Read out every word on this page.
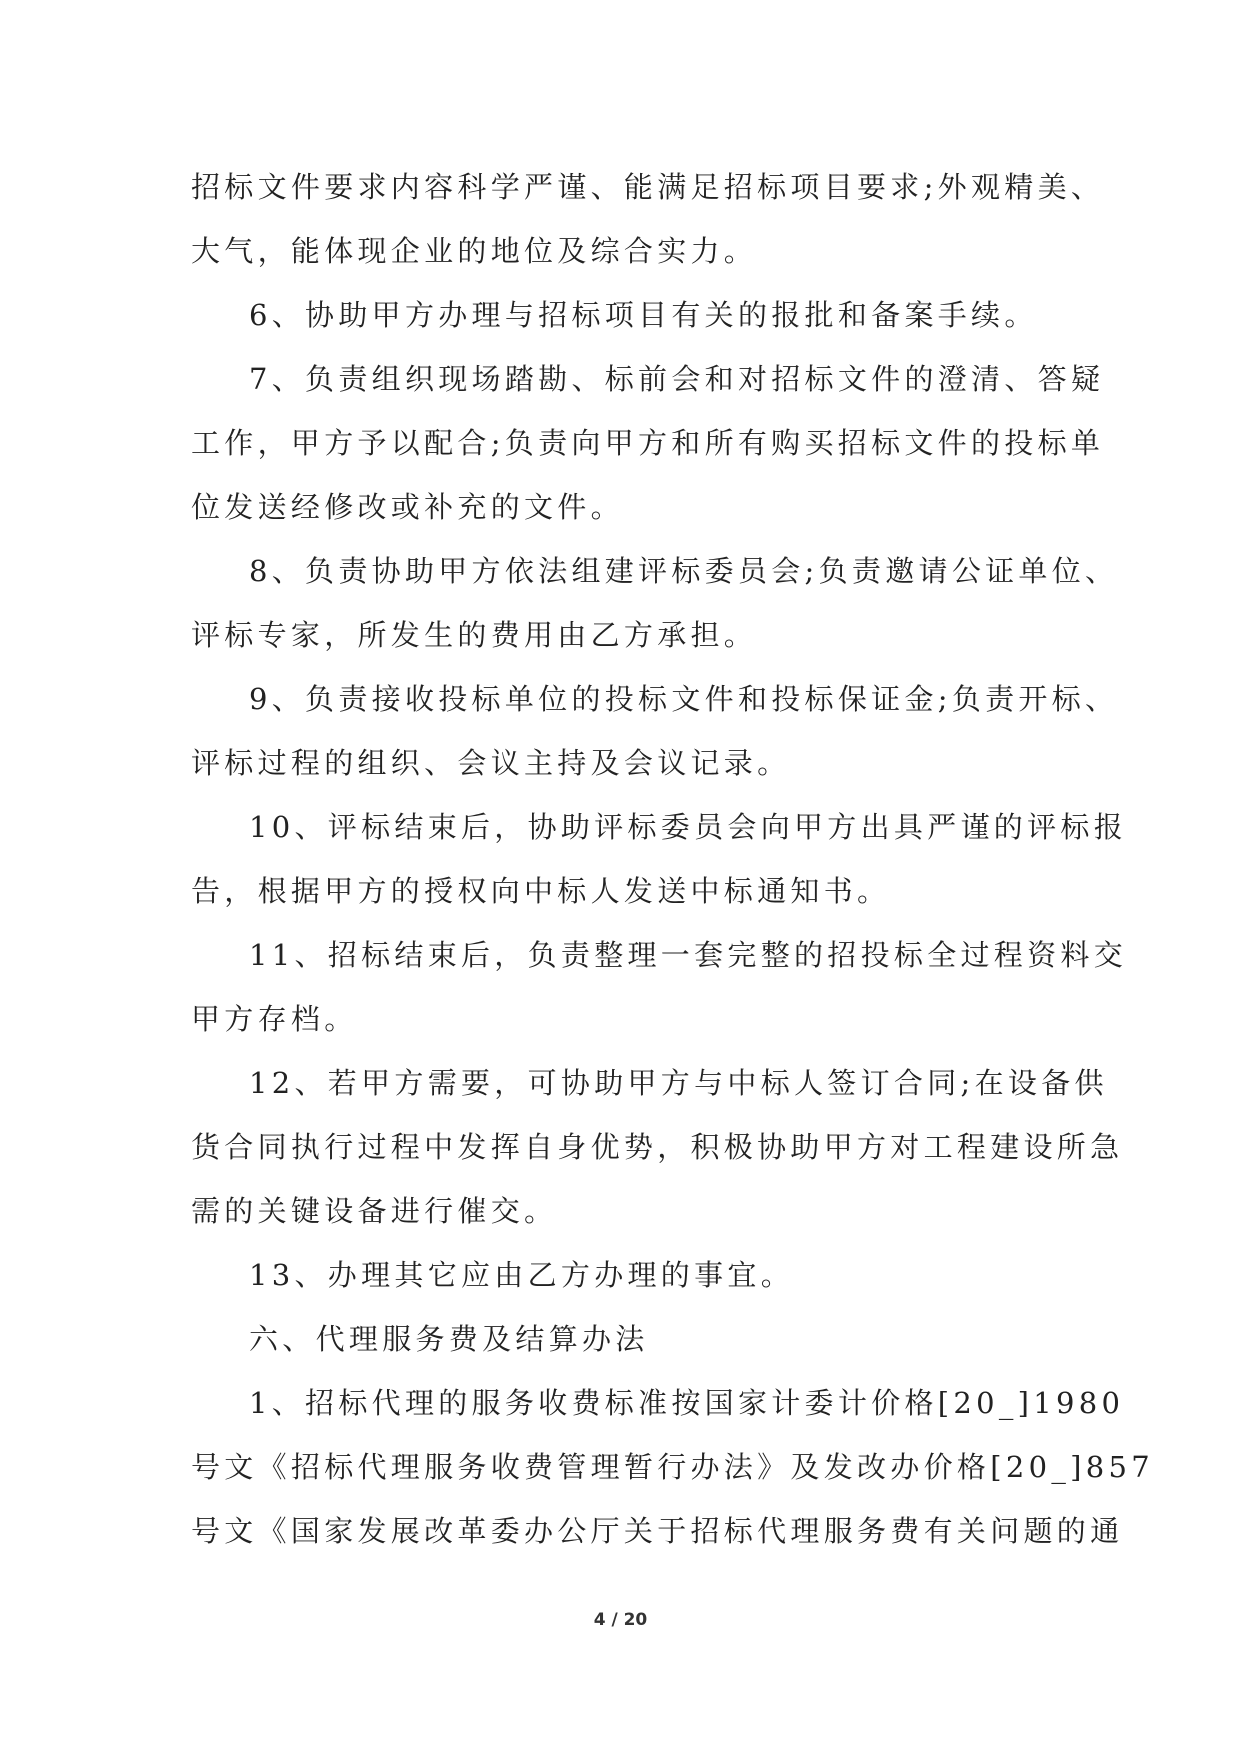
招标文件要求内容科学严谨、能满足招标项目要求;外观精美、
大气，能体现企业的地位及综合实力。
6、协助甲方办理与招标项目有关的报批和备案手续。
7、负责组织现场踏勘、标前会和对招标文件的澄清、答疑
工作，甲方予以配合;负责向甲方和所有购买招标文件的投标单
位发送经修改或补充的文件。
8、负责协助甲方依法组建评标委员会;负责邀请公证单位、
评标专家，所发生的费用由乙方承担。
9、负责接收投标单位的投标文件和投标保证金;负责开标、
评标过程的组织、会议主持及会议记录。
10、评标结束后，协助评标委员会向甲方出具严谨的评标报
告，根据甲方的授权向中标人发送中标通知书。
11、招标结束后，负责整理一套完整的招投标全过程资料交
甲方存档。
12、若甲方需要，可协助甲方与中标人签订合同;在设备供
货合同执行过程中发挥自身优势，积极协助甲方对工程建设所急
需的关键设备进行催交。
13、办理其它应由乙方办理的事宜。
六、代理服务费及结算办法
1、招标代理的服务收费标准按国家计委计价格[20_]1980
号文《招标代理服务收费管理暂行办法》及发改办价格[20_]857
号文《国家发展改革委办公厅关于招标代理服务费有关问题的通
4 / 20
